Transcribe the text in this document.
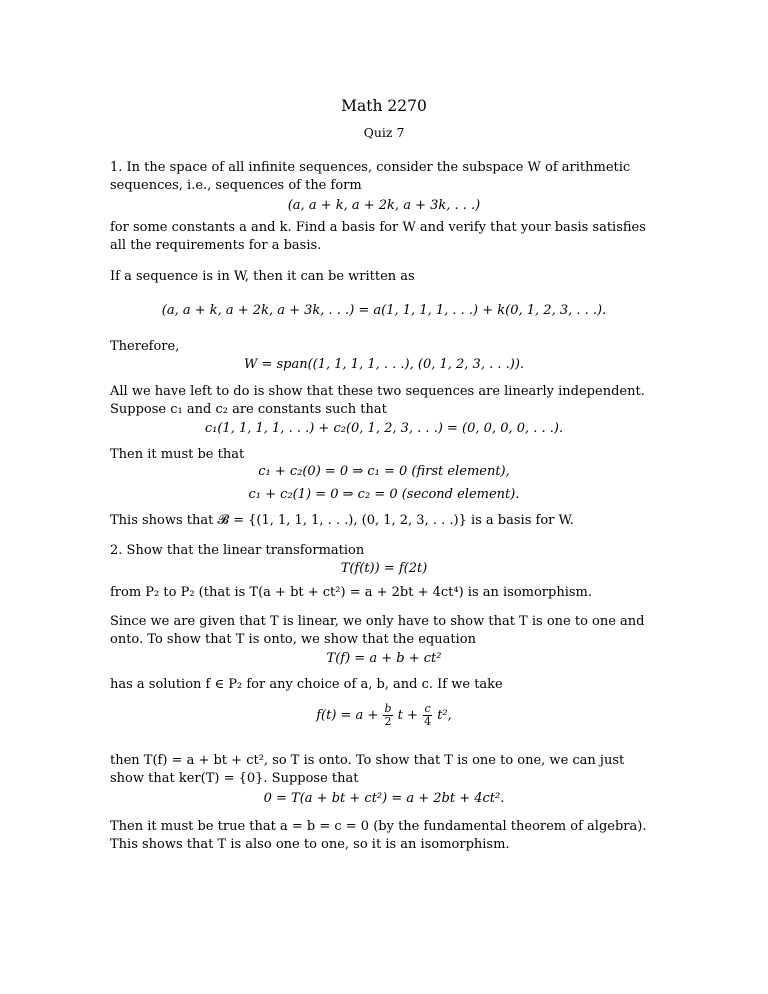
Math 2270
Quiz 7
1. In the space of all infinite sequences, consider the subspace W of arithmetic sequences, i.e., sequences of the form
(a, a + k, a + 2k, a + 3k, . . .)
for some constants a and k. Find a basis for W and verify that your basis satisfies all the requirements for a basis.
If a sequence is in W, then it can be written as
(a, a + k, a + 2k, a + 3k, . . .) = a(1, 1, 1, 1, . . .) + k(0, 1, 2, 3, . . .).
Therefore,
W = span((1, 1, 1, 1, . . .), (0, 1, 2, 3, . . .)).
All we have left to do is show that these two sequences are linearly independent. Suppose c₁ and c₂ are constants such that
c₁(1, 1, 1, 1, . . .) + c₂(0, 1, 2, 3, . . .) = (0, 0, 0, 0, . . .).
Then it must be that
c₁ + c₂(0) = 0 ⇒ c₁ = 0 (first element),
c₁ + c₂(1) = 0 ⇒ c₂ = 0 (second element).
This shows that 𝓑 = {(1, 1, 1, 1, . . .), (0, 1, 2, 3, . . .)} is a basis for W.
2. Show that the linear transformation
T(f(t)) = f(2t)
from P₂ to P₂ (that is T(a + bt + ct²) = a + 2bt + 4ct⁴) is an isomorphism.
Since we are given that T is linear, we only have to show that T is one to one and onto. To show that T is onto, we show that the equation
T(f) = a + b + ct²
has a solution f ∈ P₂ for any choice of a, b, and c. If we take
$f(t) = a + \frac{b}{2}$ $t + \frac{c}{4} t^2$,
then T(f) = a + bt + ct², so T is onto. To show that T is one to one, we can just show that ker(T) = {0}. Suppose that
0 = T(a + bt + ct²) = a + 2bt + 4ct².
Then it must be true that a = b = c = 0 (by the fundamental theorem of algebra). This shows that T is also one to one, so it is an isomorphism.
